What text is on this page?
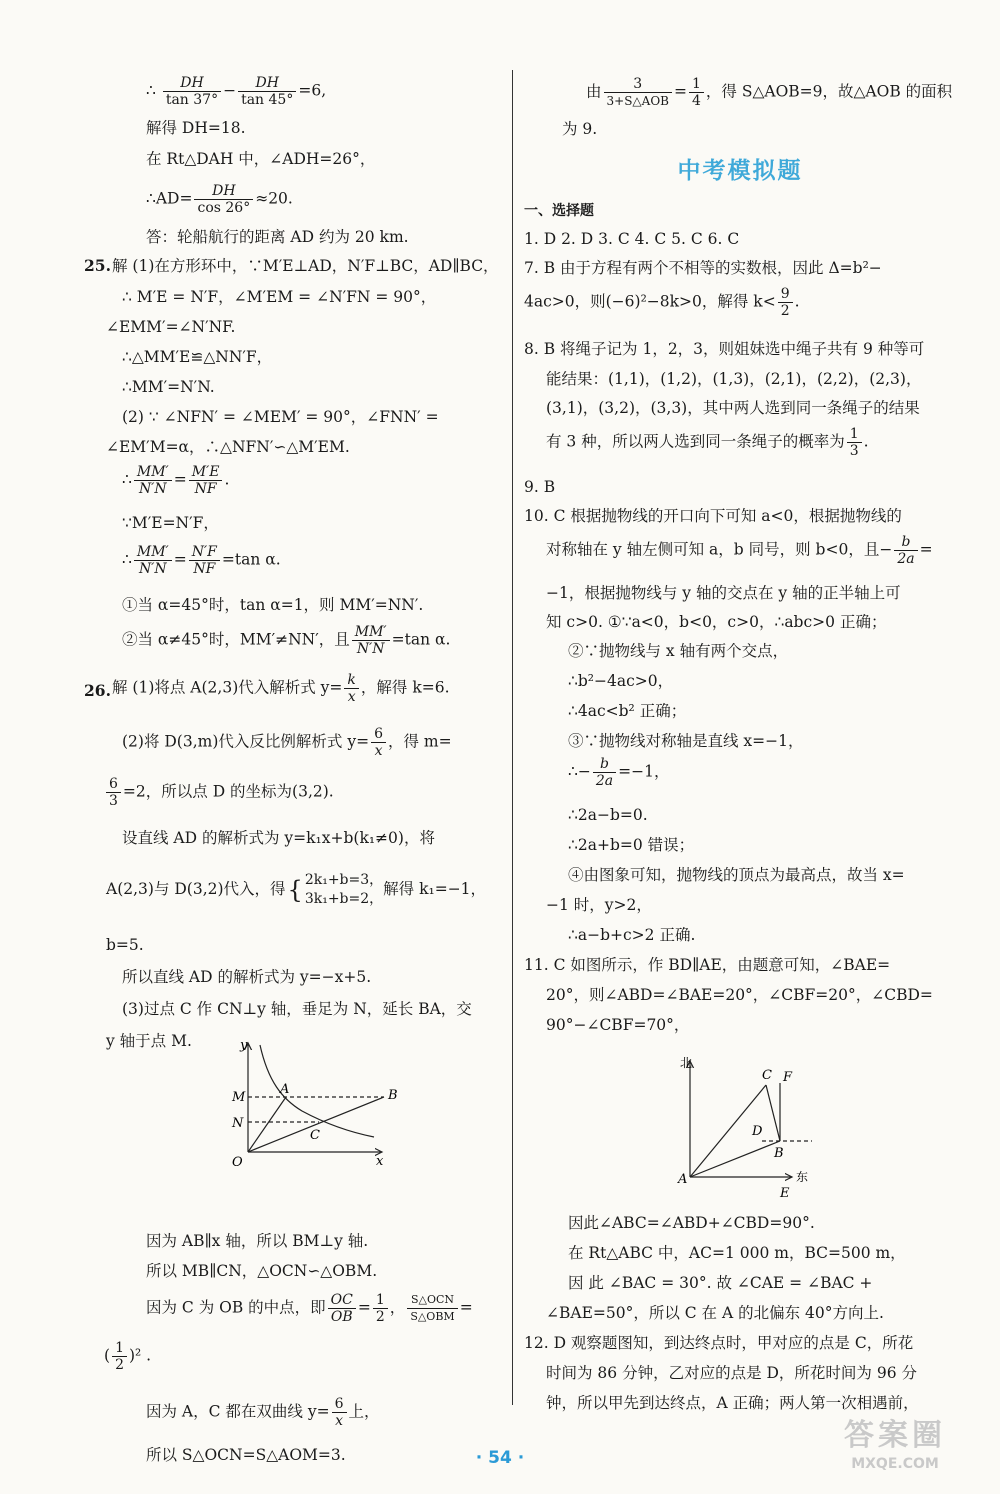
∴ $\frac{DH}{\tan 37^\circ} - \frac{DH}{\tan 45^\circ} =6$,
解得 DH=18.
在 Rt△DAH 中，∠ADH=26°，
∴AD= $\frac{DH}{\cos 26^\circ} \approx 20$.
答：轮船航行的距离 AD 约为 20 km.
25. 解 (1)在方形环中，∵M′E⊥AD，N′F⊥BC，AD∥BC，
∴ M′E = N′F，∠M′EM = ∠N′FN = 90°，
∠EMM′=∠N′NF.
∴△MM′E≌△NN′F，
∴MM′=N′N.
(2) ∵ ∠NFN′ = ∠MEM′ = 90°，∠FNN′ =
∠EM′M=α，∴△NFN′∽△M′EM.
∴ $\frac{MM'}{N'N} = \frac{M'E}{NF}$ .
∵M′E=N′F，
∴ $\frac{MM'}{N'N} = \frac{N'F}{NF} =\tan$ α.
①当 α=45°时，tan α=1，则 MM′=NN′.
②当 α≠45°时，MM′≠NN′，且 $\frac{MM'}{N'N} =\tan$ α.
26. 解 (1)将点 A(2,3)代入解析式 $y= \frac{k}{x}$ ，解得 k=6.
(2)将 D(3,m)代入反比例解析式 $y= \frac{6}{x}$ ，得 m=
$\frac{6}{3} =2$，所以点 D 的坐标为(3,2).
设直线 AD 的解析式为 y=k₁x+b(k₁≠0)，将
A(2,3)与 D(3,2)代入，得{ 2k₁+b=3，
3k₁+b=2，
解得 k₁=−1，
b=5.
所以直线 AD 的解析式为 y=−x+5.
(3)过点 C 作 CN⊥y 轴，垂足为 N，延长 BA，交
y 轴于点 M.	y
x
O
M
N
A	B
C
因为 AB∥x 轴，所以 BM⊥y 轴.
所以 MB∥CN，△OCN∽△OBM.
因为 C 为 OB 的中点，即 $\frac{OC}{OB} = \frac{1}{2}$ ， $\frac{\text{S△OCN}}{\text{S△OBM}}$ =
( $\frac{1}{2} )^2$ .
因为 A，C 都在双曲线 $y= \frac{6}{x}$ 上，
所以 S△OCN=S△AOM=3.
由 $\frac{3}{\text{3+S△AOB}} = \frac{1}{4}$ ，得 S△AOB=9，故△AOB 的面积
为 9.
中考模拟题
一、选择题
1. D 2. D 3. C 4. C 5. C 6. C
7. B 由于方程有两个不相等的实数根，因此 Δ=b²−
4ac>0，则(−6)²−8k>0，解得 $k< \frac{9}{2}$ .
8. B 将绳子记为 1，2，3，则姐妹选中绳子共有 9 种等可
能结果：(1,1)，(1,2)，(1,3)，(2,1)，(2,2)，(2,3)，
(3,1)，(3,2)，(3,3)，其中两人选到同一条绳子的结果
有 3 种，所以两人选到同一条绳子的概率为 $\frac{1}{3}$ .
9. B
10. C 根据抛物线的开口向下可知 a<0，根据抛物线的
对称轴在 y 轴左侧可知 a，b 同号，则 b<0，且− $\frac{b}{2a}$ =
−1，根据抛物线与 y 轴的交点在 y 轴的正半轴上可
知 c>0. ①∵a<0，b<0，c>0，∴abc>0 正确；
②∵抛物线与 x 轴有两个交点，
∴b²−4ac>0，
∴4ac<b² 正确；
③∵抛物线对称轴是直线 x=−1，
∴− $\frac{b}{2a} =-1$，
∴2a−b=0.
∴2a+b=0 错误；
④由图象可知，抛物线的顶点为最高点，故当 x=
−1 时，y>2，
∴a−b+c>2 正确.
11. C 如图所示，作 BD∥AE，由题意可知，∠BAE=
20°，则∠ABD=∠BAE=20°，∠CBF=20°，∠CBD=
90°−∠CBF=70°，
北
东
A
B
C
D
E
F
因此∠ABC=∠ABD+∠CBD=90°.
在 Rt△ABC 中，AC=1 000 m，BC=500 m，
因 此 ∠BAC = 30°. 故 ∠CAE = ∠BAC +
∠BAE=50°，所以 C 在 A 的北偏东 40°方向上.
12. D 观察题图知，到达终点时，甲对应的点是 C，所花
时间为 86 分钟，乙对应的点是 D，所花时间为 96 分
钟，所以甲先到达终点，A 正确；两人第一次相遇前，
· 54 ·
答案圈
MXQE.COM
